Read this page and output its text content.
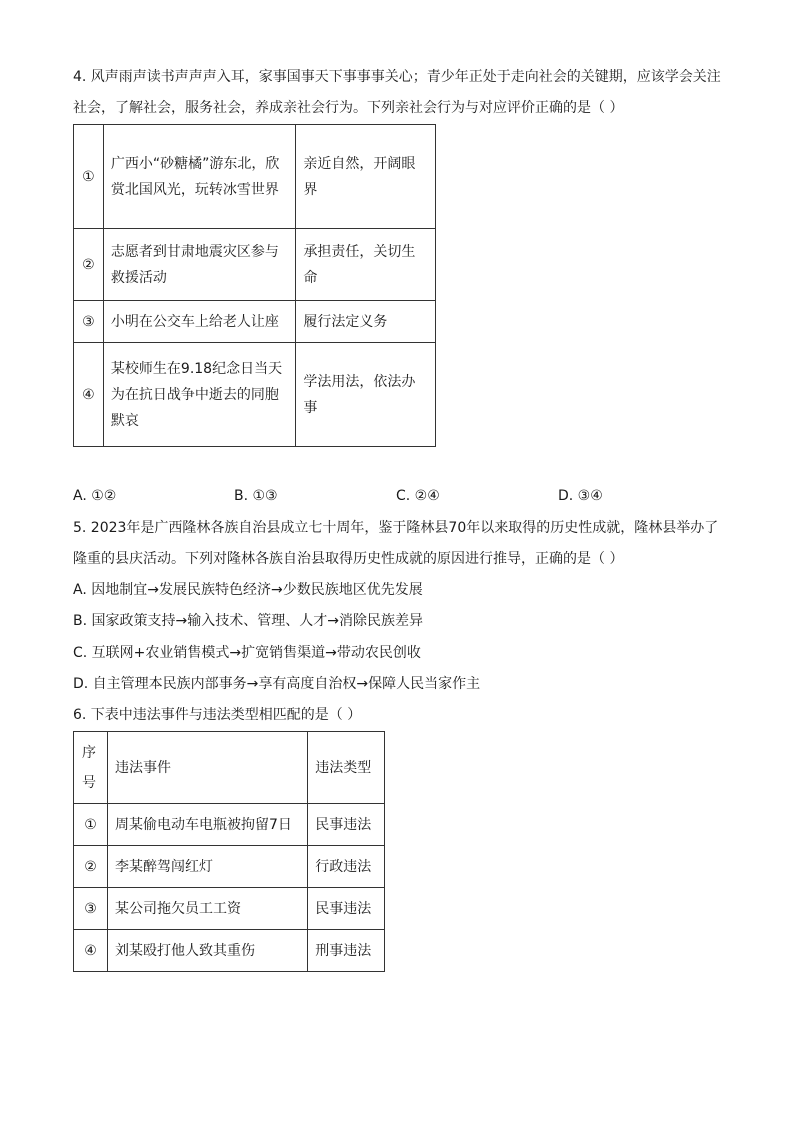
4. 风声雨声读书声声声入耳，家事国事天下事事事关心；青少年正处于走向社会的关键期，应该学会关注
社会，了解社会，服务社会，养成亲社会行为。下列亲社会行为与对应评价正确的是（ ）
①	广西小“砂糖橘”游东北，欣赏北国风光，玩转冰雪世界	亲近自然，开阔眼界
②	志愿者到甘肃地震灾区参与救援活动	承担责任，关切生命
③	小明在公交车上给老人让座	履行法定义务
④	某校师生在9.18纪念日当天为在抗日战争中逝去的同胞默哀	学法用法，依法办事
A. ①②	B. ①③	C. ②④	D. ③④
5. 2023年是广西隆林各族自治县成立七十周年，鉴于隆林县70年以来取得的历史性成就，隆林县举办了
隆重的县庆活动。下列对隆林各族自治县取得历史性成就的原因进行推导，正确的是（ ）
A. 因地制宜→发展民族特色经济→少数民族地区优先发展
B. 国家政策支持→输入技术、管理、人才→消除民族差异
C. 互联网+农业销售模式→扩宽销售渠道→带动农民创收
D. 自主管理本民族内部事务→享有高度自治权→保障人民当家作主
6. 下表中违法事件与违法类型相匹配的是（ ）
序号	违法事件	违法类型
①	周某偷电动车电瓶被拘留7日	民事违法
②	李某醉驾闯红灯	行政违法
③	某公司拖欠员工工资	民事违法
④	刘某殴打他人致其重伤	刑事违法
